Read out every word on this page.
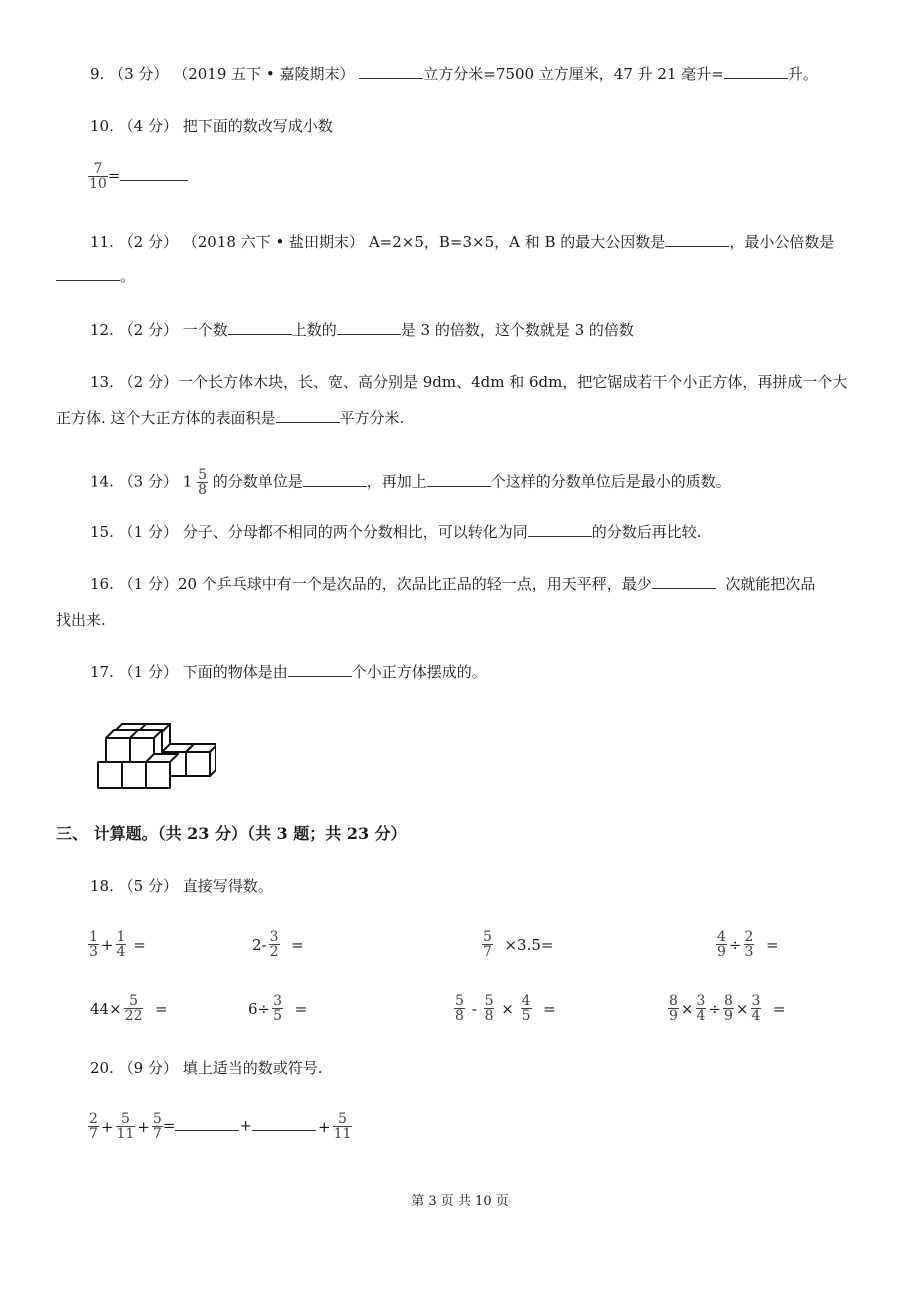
9. （3 分） （2019 五下 • 嘉陵期末）	立方分米=7500 立方厘米，47 升 21 毫升=	升。
10. （4 分） 把下面的数改写成小数
$\frac{7}{10}$ =
11. （2 分） （2018 六下 • 盐田期末） A=2×5，B=3×5，A 和 B 的最大公因数是	，最小公倍数是
。
12. （2 分） 一个数	上数的	是 3 的倍数，这个数就是 3 的倍数
13. （2 分）一个长方体木块，长、宽、高分别是 9dm、4dm 和 6dm，把它锯成若干个小正方体，再拼成一个大
正方体. 这个大正方体的表面积是	平方分米.
14. （3 分） $1 \frac{5}{8}$ 的分数单位是	，再加上	个这样的分数单位后是最小的质数。
15. （1 分） 分子、分母都不相同的两个分数相比，可以转化为同	的分数后再比较.
16. （1 分）20 个乒乓球中有一个是次品的，次品比正品的轻一点，用天平秤，最少	次就能把次品
找出来.
17. （1 分） 下面的物体是由	个小正方体摆成的。
三、 计算题。（共 23 分）（共 3 题；共 23 分）
18. （5 分） 直接写得数。
$\frac{1}{3} + \frac{1}{4}$ =	$2- \frac{3}{2}$ =	$\frac{5}{7} \times 3.5=$	$\frac{4}{9} \div \frac{2}{3}$ =
$44\times \frac{5}{22}$ =	$6\div \frac{3}{5}$ =	$\frac{5}{8} - \frac{5}{8} \times \frac{4}{5}$ =	$\frac{8}{9} \times \frac{3}{4} \div \frac{8}{9} \times \frac{3}{4}$ =
20. （9 分） 填上适当的数或符号.
$\frac{2}{7} + \frac{5}{11} + \frac{5}{7}$ =	+	+ $\frac{5}{11}$
第 3 页 共 10 页
